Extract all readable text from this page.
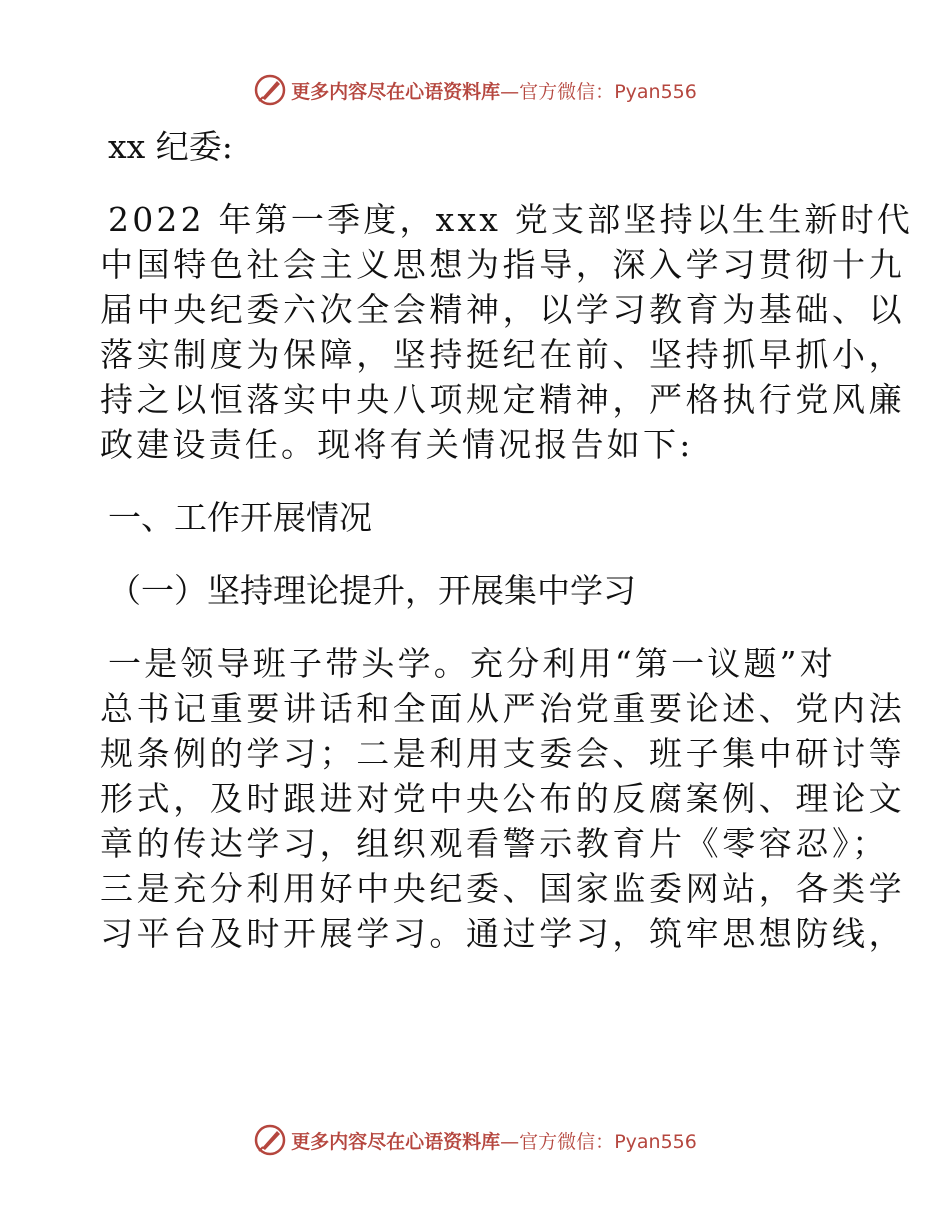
更多内容尽在心语资料库—官方微信：Pyan556

xx 纪委:

2022 年第一季度，xxx 党支部坚持以生生新时代

中国特色社会主义思想为指导，深入学习贯彻十九

届中央纪委六次全会精神，以学习教育为基础、以

落实制度为保障，坚持挺纪在前、坚持抓早抓小，

持之以恒落实中央八项规定精神，严格执行党风廉

政建设责任。现将有关情况报告如下:

一、工作开展情况

（一）坚持理论提升，开展集中学习

一是领导班子带头学。充分利用“第一议题”对

总书记重要讲话和全面从严治党重要论述、党内法

规条例的学习；二是利用支委会、班子集中研讨等

形式，及时跟进对党中央公布的反腐案例、理论文

章的传达学习，组织观看警示教育片《零容忍》；

三是充分利用好中央纪委、国家监委网站，各类学

习平台及时开展学习。通过学习，筑牢思想防线，

更多内容尽在心语资料库—官方微信：Pyan556
